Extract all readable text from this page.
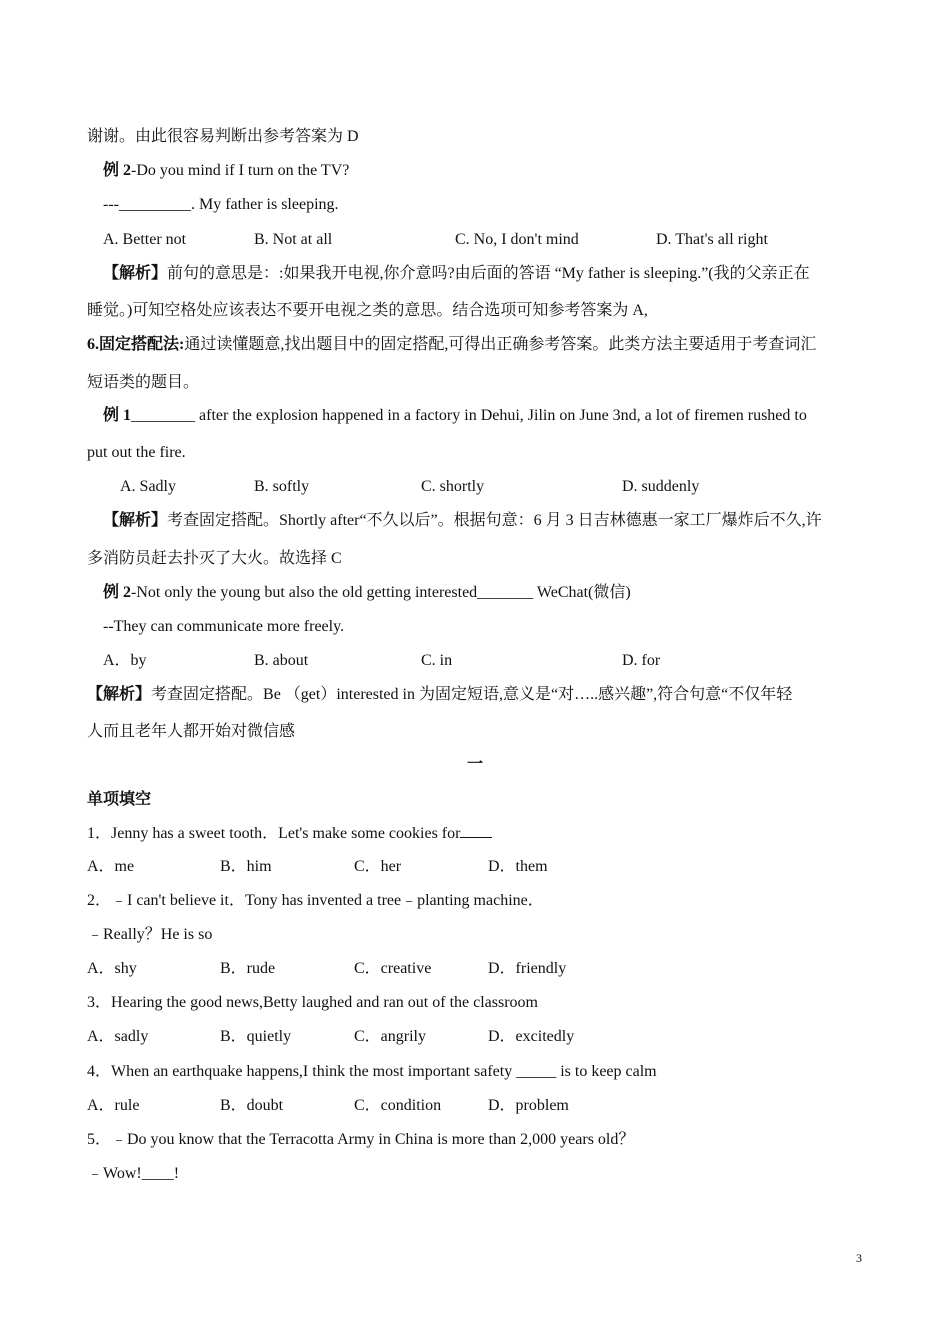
谢谢。由此很容易判断出参考答案为 D
例 2-Do you mind if I turn on the TV?
---_________. My father is sleeping.
A. Better not	B. Not at all	C. No, I don't mind	D. That's all right
【解析】前句的意思是：:如果我开电视,你介意吗?由后面的答语 “My father is sleeping.”(我的父亲正在
睡觉。)可知空格处应该表达不要开电视之类的意思。结合选项可知参考答案为 A,
6.固定搭配法:通过读懂题意,找出题目中的固定搭配,可得出正确参考答案。此类方法主要适用于考查词汇
短语类的题目。
例 1________ after the explosion happened in a factory in Dehui, Jilin on June 3nd, a lot of firemen rushed to
put out the fire.
A. Sadly	B. softly	C. shortly	D. suddenly
【解析】考查固定搭配。Shortly after“不久以后”。根据句意：6 月 3 日吉林德惠一家工厂爆炸后不久,许
多消防员赶去扑灭了大火。故选择 C
例 2-Not only the young but also the old getting interested_______ WeChat(微信)
--They can communicate more freely.
A．by	B. about	C. in	D. for
【解析】考查固定搭配。Be （get）interested in 为固定短语,意义是“对…..感兴趣”,符合句意“不仅年轻
人而且老年人都开始对微信感
一
单项填空
1．Jenny has a sweet tooth．Let's make some cookies for
A．me	B．him	C．her	D．them
2．﹣I can't believe it．Tony has invented a tree﹣planting machine．
﹣Really？He is so
A．shy	B．rude	C．creative	D．friendly
3．Hearing the good news,Betty laughed and ran out of the classroom
A．sadly	B．quietly	C．angrily	D．excitedly
4．When an earthquake happens,I think the most important safety _____ is to keep calm
A．rule	B．doubt	C．condition	D．problem
5．﹣Do you know that the Terracotta Army in China is more than 2,000 years old？
﹣Wow!____!
3
